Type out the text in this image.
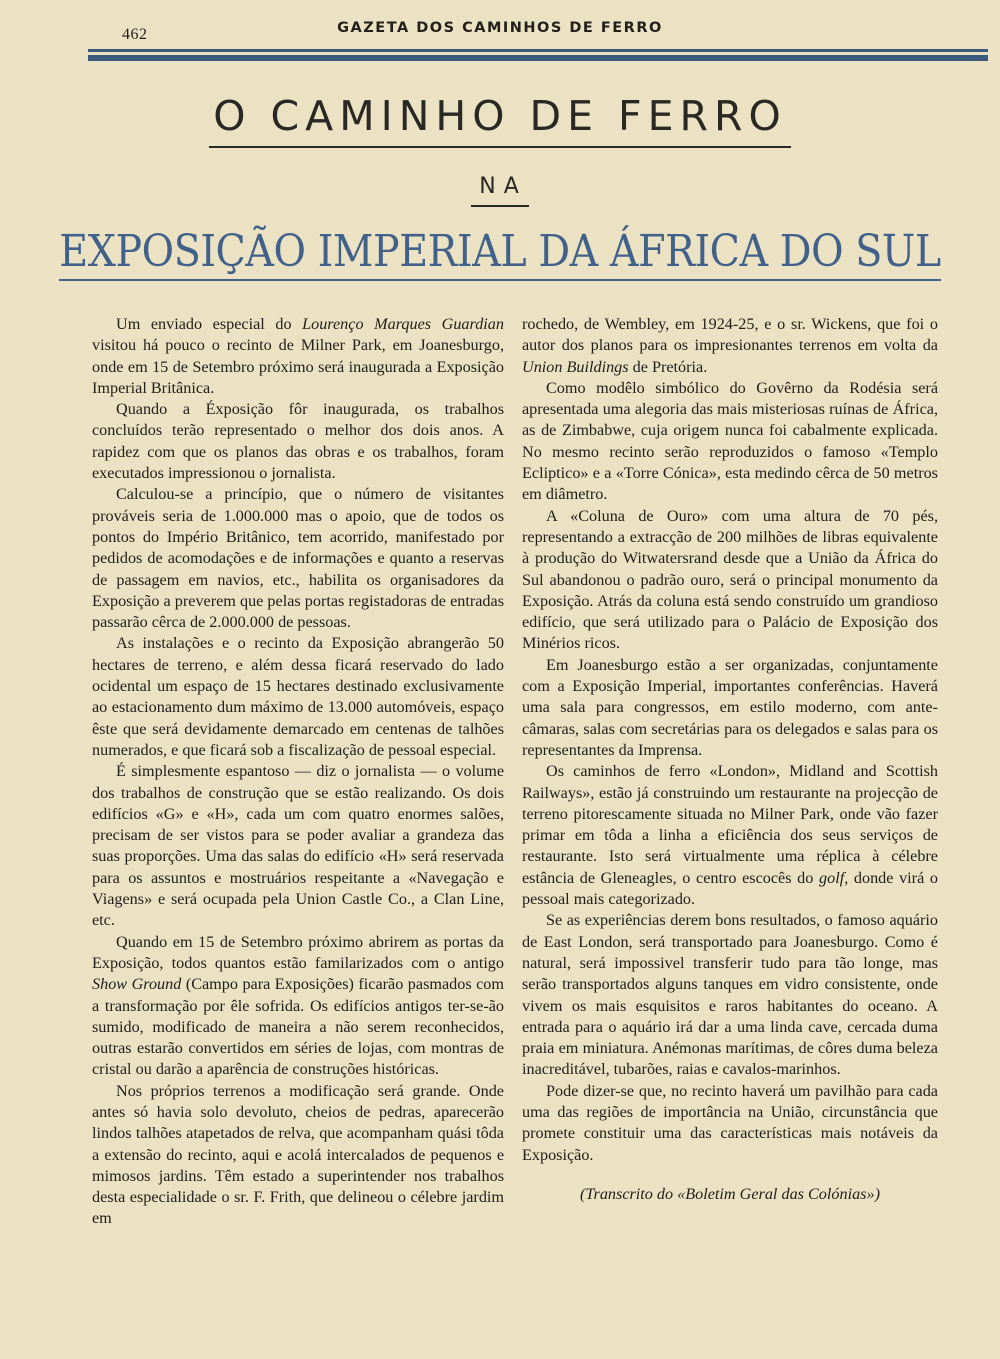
462	GAZETA DOS CAMINHOS DE FERRO
O CAMINHO DE FERRO
NA
EXPOSIÇÃO IMPERIAL DA ÁFRICA DO SUL

Um enviado especial do Lourenço Marques Guardian visitou há pouco o recinto de Milner Park, em Joanesburgo, onde em 15 de Setembro próximo será inaugurada a Exposição Imperial Britânica.

Quando a Éxposição fôr inaugurada, os trabalhos concluídos terão representado o melhor dos dois anos. A rapidez com que os planos das obras e os trabalhos, foram executados impressionou o jornalista.

Calculou-se a princípio, que o número de visitantes prováveis seria de 1.000.000 mas o apoio, que de todos os pontos do Império Britânico, tem acorrido, manifestado por pedidos de acomodações e de informações e quanto a reservas de passagem em navios, etc., habilita os organisadores da Exposição a preverem que pelas portas registadoras de entradas passarão cêrca de 2.000.000 de pessoas.

As instalações e o recinto da Exposição abrangerão 50 hectares de terreno, e além dessa ficará reservado do lado ocidental um espaço de 15 hectares destinado exclusivamente ao estacionamento dum máximo de 13.000 automóveis, espaço êste que será devidamente demarcado em centenas de talhões numerados, e que ficará sob a fiscalização de pessoal especial.

É simplesmente espantoso — diz o jornalista — o volume dos trabalhos de construção que se estão realizando. Os dois edifícios «G» e «H», cada um com quatro enormes salões, precisam de ser vistos para se poder avaliar a grandeza das suas proporções. Uma das salas do edifício «H» será reservada para os assuntos e mostruários respeitante a «Navegação e Viagens» e será ocupada pela Union Castle Co., a Clan Line, etc.

Quando em 15 de Setembro próximo abrirem as portas da Exposição, todos quantos estão familarizados com o antigo Show Ground (Campo para Exposições) ficarão pasmados com a transformação por êle sofrida. Os edifícios antigos ter-se-ão sumido, modificado de maneira a não serem reconhecidos, outras estarão convertidos em séries de lojas, com montras de cristal ou darão a aparência de construções históricas.

Nos próprios terrenos a modificação será grande. Onde antes só havia solo devoluto, cheios de pedras, aparecerão lindos talhões atapetados de relva, que acompanham quási tôda a extensão do recinto, aqui e acolá intercalados de pequenos e mimosos jardins. Têm estado a superintender nos trabalhos desta especialidade o sr. F. Frith, que delineou o célebre jardim em

rochedo, de Wembley, em 1924-25, e o sr. Wickens, que foi o autor dos planos para os impresionantes terrenos em volta da Union Buildings de Pretória.

Como modêlo simbólico do Govêrno da Rodésia será apresentada uma alegoria das mais misteriosas ruínas de África, as de Zimbabwe, cuja origem nunca foi cabalmente explicada. No mesmo recinto serão reproduzidos o famoso «Templo Ecliptico» e a «Torre Cónica», esta medindo cêrca de 50 metros em diâmetro.

A «Coluna de Ouro» com uma altura de 70 pés, representando a extracção de 200 milhões de libras equivalente à produção do Witwatersrand desde que a União da África do Sul abandonou o padrão ouro, será o principal monumento da Exposição. Atrás da coluna está sendo construído um grandioso edifício, que será utilizado para o Palácio de Exposição dos Minérios ricos.

Em Joanesburgo estão a ser organizadas, conjuntamente com a Exposição Imperial, importantes conferências. Haverá uma sala para congressos, em estilo moderno, com ante-câmaras, salas com secretárias para os delegados e salas para os representantes da Imprensa.

Os caminhos de ferro «London», Midland and Scottish Railways», estão já construindo um restaurante na projecção de terreno pitorescamente situada no Milner Park, onde vão fazer primar em tôda a linha a eficiência dos seus serviços de restaurante. Isto será virtualmente uma réplica à célebre estância de Gleneagles, o centro escocês do golf, donde virá o pessoal mais categorizado.

Se as experiências derem bons resultados, o famoso aquário de East London, será transportado para Joanesburgo. Como é natural, será impossivel transferir tudo para tão longe, mas serão transportados alguns tanques em vidro consistente, onde vivem os mais esquisitos e raros habitantes do oceano. A entrada para o aquário irá dar a uma linda cave, cercada duma praia em miniatura. Anémonas marítimas, de côres duma beleza inacreditável, tubarões, raias e cavalos-marinhos.

Pode dizer-se que, no recinto haverá um pavilhão para cada uma das regiões de importância na União, circunstância que promete constituir uma das características mais notáveis da Exposição.

(Transcrito do «Boletim Geral das Colónias»)
